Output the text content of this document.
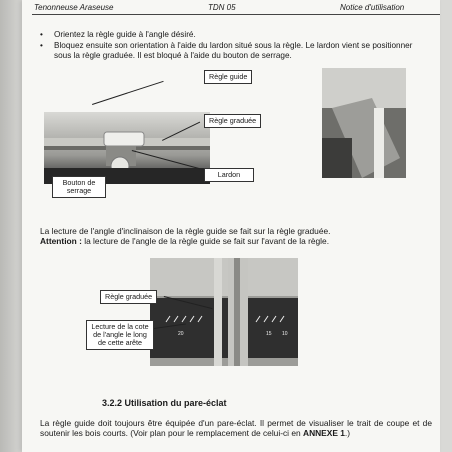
Tenonneuse Araseuse	TDN 05	Notice d'utilisation
• Orientez la règle guide à l'angle désiré.
• Bloquez ensuite son orientation à l'aide du lardon situé sous la règle. Le lardon vient se positionner sous la règle graduée. Il est bloqué à l'aide du bouton de serrage.
Règle guide
Règle graduée
Lardon
Bouton de serrage
La lecture de l'angle d'inclinaison de la règle guide se fait sur la règle graduée.
Attention : la lecture de l'angle de la règle guide se fait sur l'avant de la règle.
20	15 10
Règle graduée
Lecture de la cote de l'angle le long de cette arête
3.2.2 Utilisation du pare-éclat
La règle guide doit toujours être équipée d'un pare-éclat. Il permet de visualiser le trait de coupe et de soutenir les bois courts. (Voir plan pour le remplacement de celui-ci en ANNEXE 1.)
